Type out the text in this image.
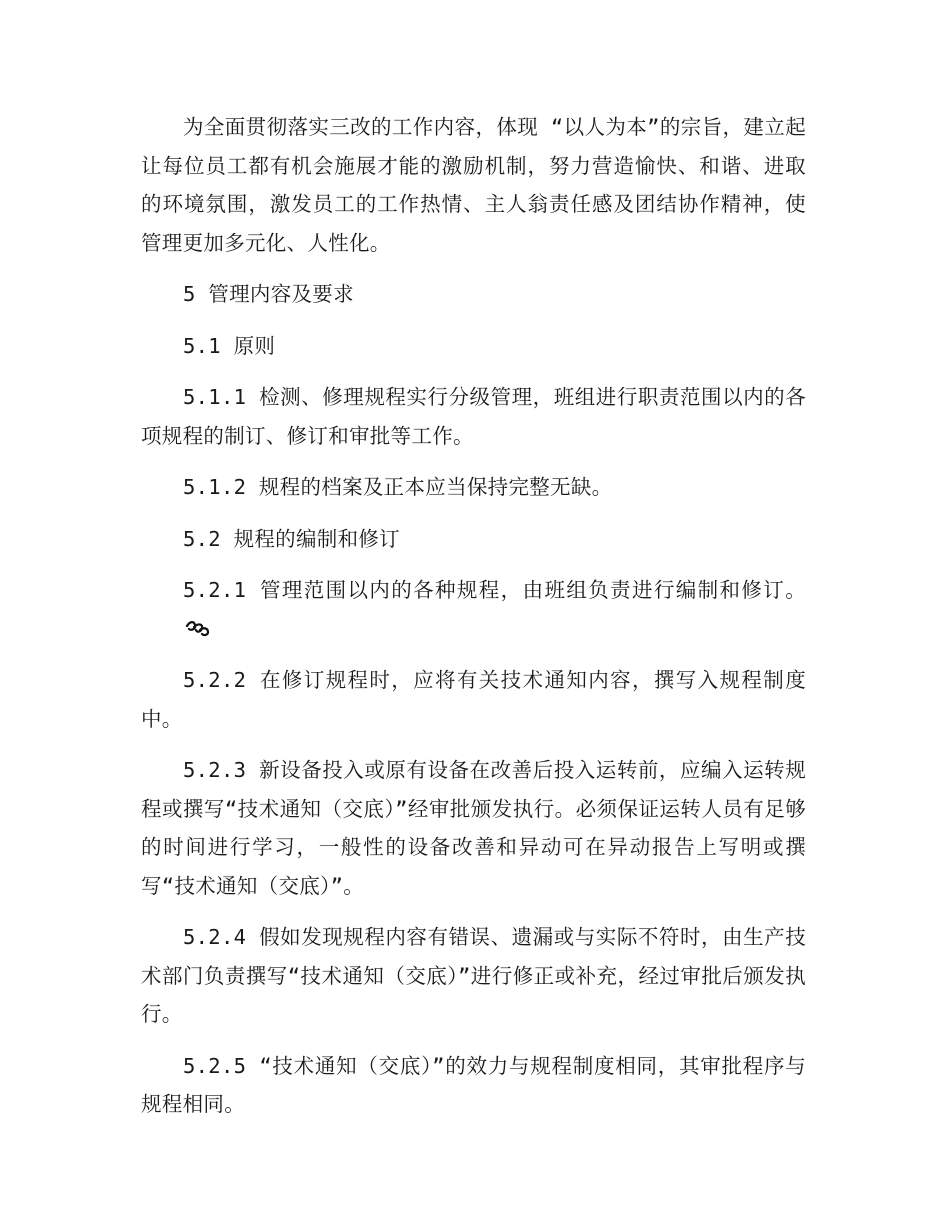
为全面贯彻落实三改的工作内容，体现 “以人为本”的宗旨，建立起让每位员工都有机会施展才能的激励机制，努力营造愉快、和谐、进取的环境氛围，激发员工的工作热情、主人翁责任感及团结协作精神，使管理更加多元化、人性化。

5 管理内容及要求

5.1 原则

5.1.1 检测、修理规程实行分级管理，班组进行职责范围以内的各项规程的制订、修订和审批等工作。

5.1.2 规程的档案及正本应当保持完整无缺。

5.2 规程的编制和修订

5.2.1 管理范围以内的各种规程，由班组负责进行编制和修订。

5.2.2 在修订规程时，应将有关技术通知内容，撰写入规程制度中。

5.2.3 新设备投入或原有设备在改善后投入运转前，应编入运转规程或撰写“技术通知（交底）”经审批颁发执行。必须保证运转人员有足够的时间进行学习，一般性的设备改善和异动可在异动报告上写明或撰写“技术通知（交底）”。

5.2.4 假如发现规程内容有错误、遗漏或与实际不符时，由生产技术部门负责撰写“技术通知（交底）”进行修正或补充，经过审批后颁发执行。

5.2.5 “技术通知（交底）”的效力与规程制度相同，其审批程序与规程相同。
